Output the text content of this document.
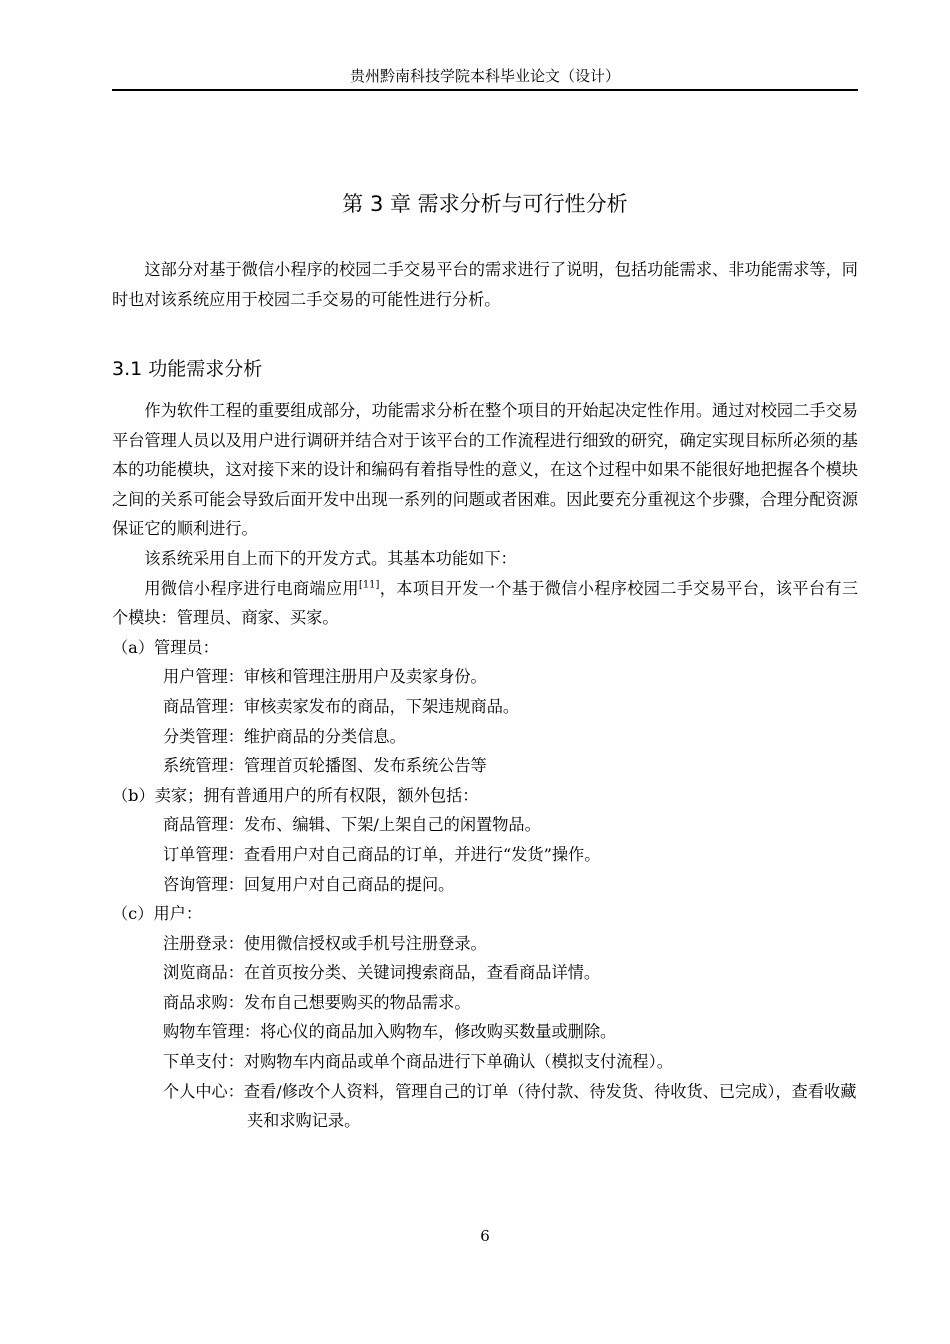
贵州黔南科技学院本科毕业论文（设计）
第 3 章 需求分析与可行性分析

这部分对基于微信小程序的校园二手交易平台的需求进行了说明，包括功能需求、非功能需求等，同时也对该系统应用于校园二手交易的可能性进行分析。

3.1 功能需求分析

作为软件工程的重要组成部分，功能需求分析在整个项目的开始起决定性作用。通过对校园二手交易平台管理人员以及用户进行调研并结合对于该平台的工作流程进行细致的研究，确定实现目标所必须的基本的功能模块，这对接下来的设计和编码有着指导性的意义，在这个过程中如果不能很好地把握各个模块之间的关系可能会导致后面开发中出现一系列的问题或者困难。因此要充分重视这个步骤，合理分配资源保证它的顺利进行。

该系统采用自上而下的开发方式。其基本功能如下：

用微信小程序进行电商端应用[11]，本项目开发一个基于微信小程序校园二手交易平台，该平台有三个模块：管理员、商家、买家。

（a）管理员：

用户管理：审核和管理注册用户及卖家身份。

商品管理：审核卖家发布的商品，下架违规商品。

分类管理：维护商品的分类信息。

系统管理：管理首页轮播图、发布系统公告等

（b）卖家；拥有普通用户的所有权限，额外包括：

商品管理：发布、编辑、下架/上架自己的闲置物品。

订单管理：查看用户对自己商品的订单，并进行“发货”操作。

咨询管理：回复用户对自己商品的提问。

（c）用户：

注册登录：使用微信授权或手机号注册登录。

浏览商品：在首页按分类、关键词搜索商品，查看商品详情。

商品求购：发布自己想要购买的物品需求。

购物车管理：将心仪的商品加入购物车，修改购买数量或删除。

下单支付：对购物车内商品或单个商品进行下单确认（模拟支付流程）。

个人中心：查看/修改个人资料，管理自己的订单（待付款、待发货、待收货、已完成），查看收藏夹和求购记录。

6
